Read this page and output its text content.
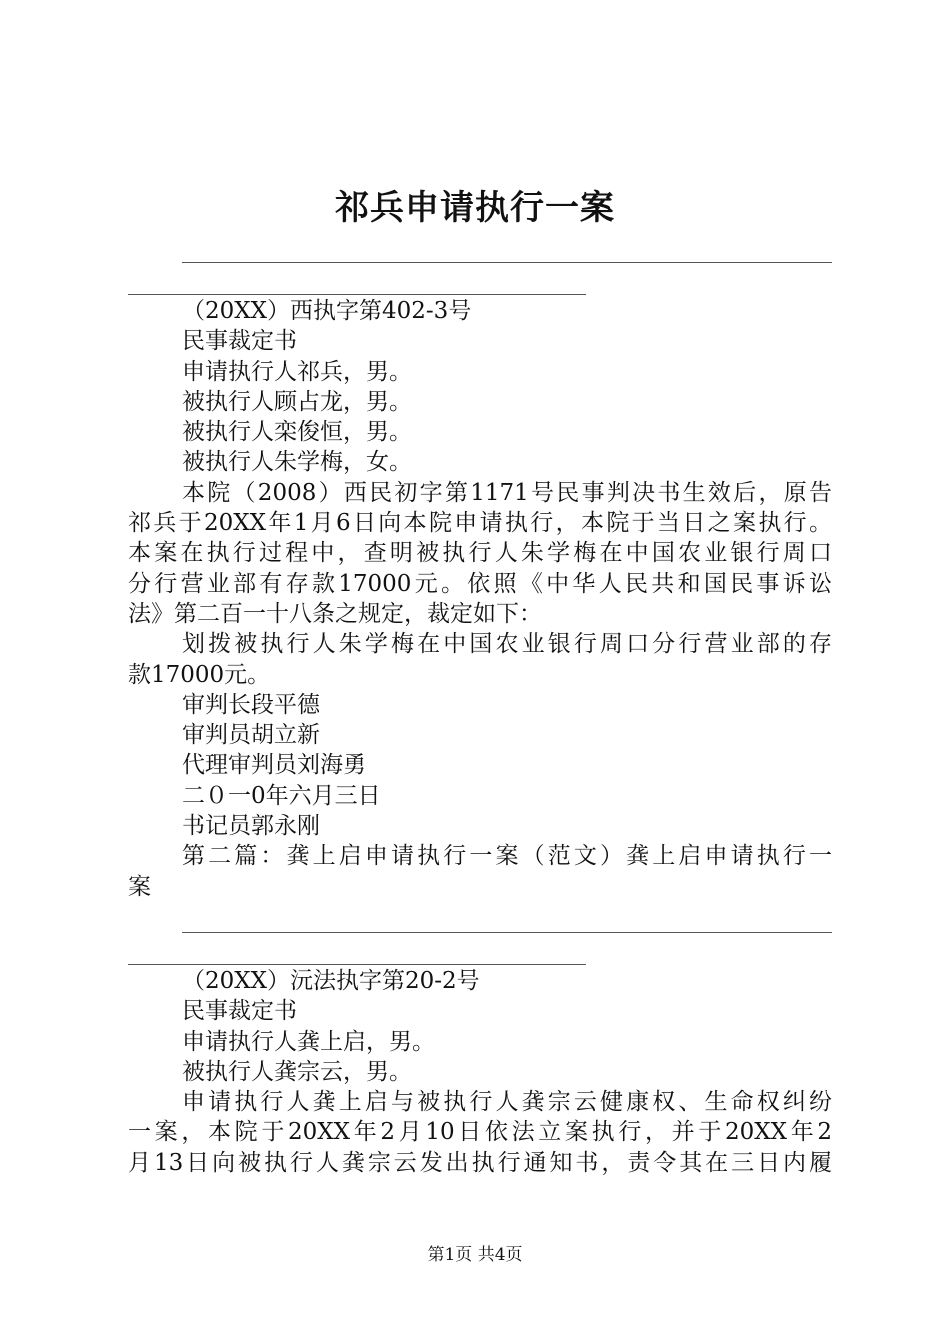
祁兵申请执行一案
（20XX）西执字第402-3号
民事裁定书
申请执行人祁兵，男。
被执行人顾占龙，男。
被执行人栾俊恒，男。
被执行人朱学梅，女。
本院（2008）西民初字第1171号民事判决书生效后，原告
祁兵于20XX年1月6日向本院申请执行，本院于当日之案执行。
本案在执行过程中，查明被执行人朱学梅在中国农业银行周口
分行营业部有存款17000元。依照《中华人民共和国民事诉讼
法》第二百一十八条之规定，裁定如下：
划拨被执行人朱学梅在中国农业银行周口分行营业部的存
款17000元。
审判长段平德
审判员胡立新
代理审判员刘海勇
二０一0年六月三日
书记员郭永刚
第二篇：龚上启申请执行一案（范文）龚上启申请执行一
案
（20XX）沅法执字第20-2号
民事裁定书
申请执行人龚上启，男。
被执行人龚宗云，男。
申请执行人龚上启与被执行人龚宗云健康权、生命权纠纷
一案，本院于20XX年2月10日依法立案执行，并于20XX年2
月13日向被执行人龚宗云发出执行通知书，责令其在三日内履
第1页 共4页
